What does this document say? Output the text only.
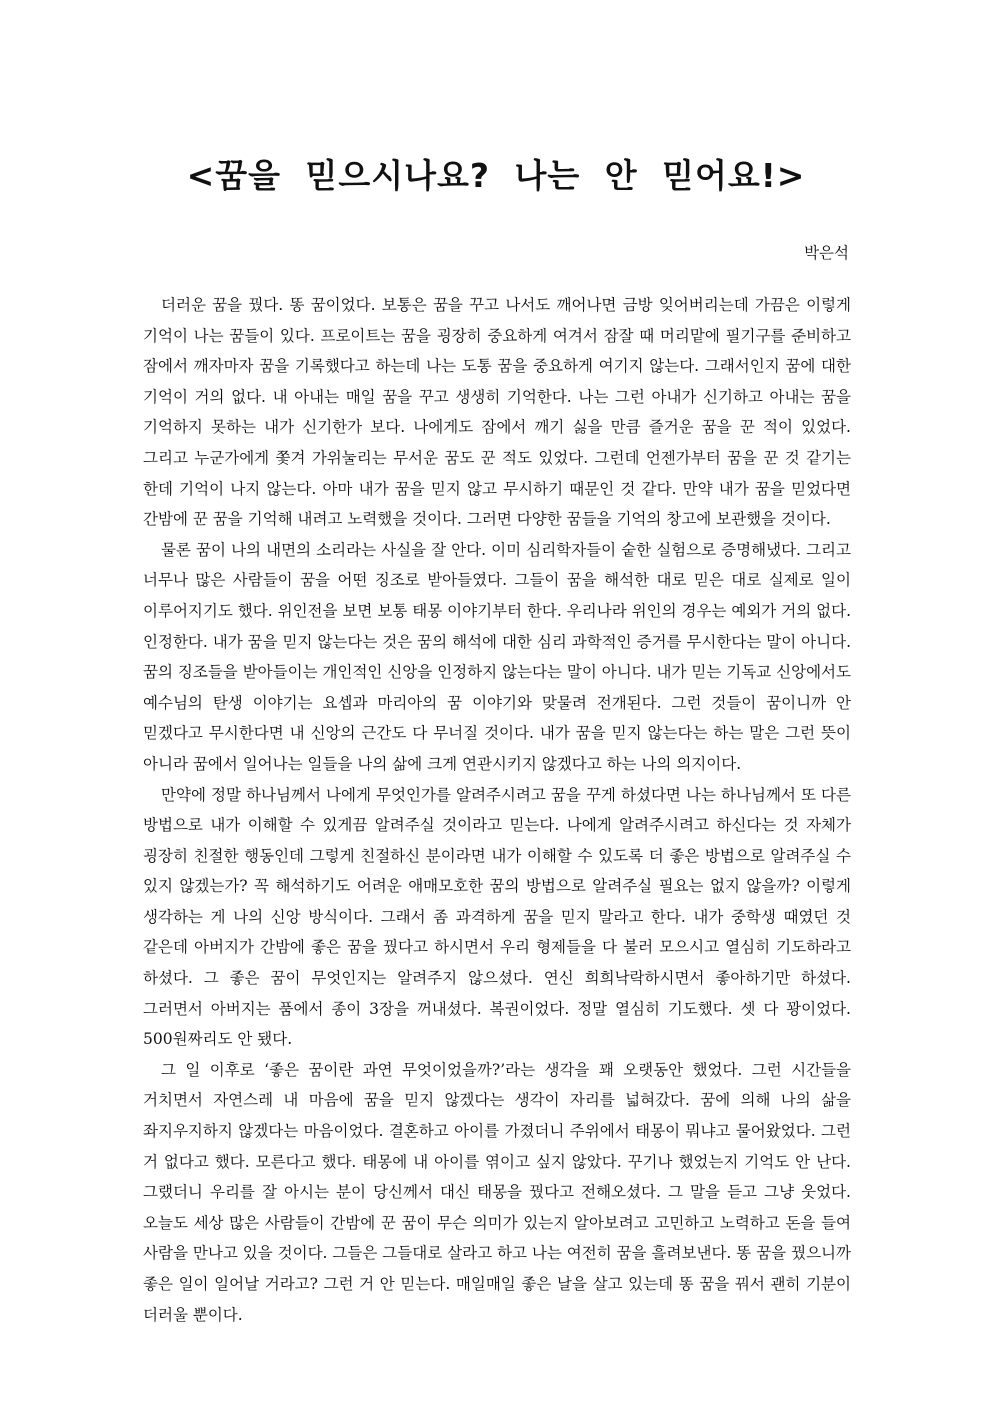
<꿈을 믿으시나요? 나는 안 믿어요!>
박은석

더러운 꿈을 꿨다. 똥 꿈이었다. 보통은 꿈을 꾸고 나서도 깨어나면 금방 잊어버리는데 가끔은 이렇게 기억이 나는 꿈들이 있다. 프로이트는 꿈을 굉장히 중요하게 여겨서 잠잘 때 머리맡에 필기구를 준비하고 잠에서 깨자마자 꿈을 기록했다고 하는데 나는 도통 꿈을 중요하게 여기지 않는다. 그래서인지 꿈에 대한 기억이 거의 없다. 내 아내는 매일 꿈을 꾸고 생생히 기억한다. 나는 그런 아내가 신기하고 아내는 꿈을 기억하지 못하는 내가 신기한가 보다. 나에게도 잠에서 깨기 싫을 만큼 즐거운 꿈을 꾼 적이 있었다. 그리고 누군가에게 쫓겨 가위눌리는 무서운 꿈도 꾼 적도 있었다. 그런데 언젠가부터 꿈을 꾼 것 같기는 한데 기억이 나지 않는다. 아마 내가 꿈을 믿지 않고 무시하기 때문인 것 같다. 만약 내가 꿈을 믿었다면 간밤에 꾼 꿈을 기억해 내려고 노력했을 것이다. 그러면 다양한 꿈들을 기억의 창고에 보관했을 것이다.

물론 꿈이 나의 내면의 소리라는 사실을 잘 안다. 이미 심리학자들이 숱한 실험으로 증명해냈다. 그리고 너무나 많은 사람들이 꿈을 어떤 징조로 받아들였다. 그들이 꿈을 해석한 대로 믿은 대로 실제로 일이 이루어지기도 했다. 위인전을 보면 보통 태몽 이야기부터 한다. 우리나라 위인의 경우는 예외가 거의 없다. 인정한다. 내가 꿈을 믿지 않는다는 것은 꿈의 해석에 대한 심리 과학적인 증거를 무시한다는 말이 아니다. 꿈의 징조들을 받아들이는 개인적인 신앙을 인정하지 않는다는 말이 아니다. 내가 믿는 기독교 신앙에서도 예수님의 탄생 이야기는 요셉과 마리아의 꿈 이야기와 맞물려 전개된다. 그런 것들이 꿈이니까 안 믿겠다고 무시한다면 내 신앙의 근간도 다 무너질 것이다. 내가 꿈을 믿지 않는다는 하는 말은 그런 뜻이 아니라 꿈에서 일어나는 일들을 나의 삶에 크게 연관시키지 않겠다고 하는 나의 의지이다.

만약에 정말 하나님께서 나에게 무엇인가를 알려주시려고 꿈을 꾸게 하셨다면 나는 하나님께서 또 다른 방법으로 내가 이해할 수 있게끔 알려주실 것이라고 믿는다. 나에게 알려주시려고 하신다는 것 자체가 굉장히 친절한 행동인데 그렇게 친절하신 분이라면 내가 이해할 수 있도록 더 좋은 방법으로 알려주실 수 있지 않겠는가? 꼭 해석하기도 어려운 애매모호한 꿈의 방법으로 알려주실 필요는 없지 않을까? 이렇게 생각하는 게 나의 신앙 방식이다. 그래서 좀 과격하게 꿈을 믿지 말라고 한다. 내가 중학생 때였던 것 같은데 아버지가 간밤에 좋은 꿈을 꿨다고 하시면서 우리 형제들을 다 불러 모으시고 열심히 기도하라고 하셨다. 그 좋은 꿈이 무엇인지는 알려주지 않으셨다. 연신 희희낙락하시면서 좋아하기만 하셨다. 그러면서 아버지는 품에서 종이 3장을 꺼내셨다. 복권이었다. 정말 열심히 기도했다. 셋 다 꽝이었다. 500원짜리도 안 됐다.

그 일 이후로 ‘좋은 꿈이란 과연 무엇이었을까?’라는 생각을 꽤 오랫동안 했었다. 그런 시간들을 거치면서 자연스레 내 마음에 꿈을 믿지 않겠다는 생각이 자리를 넓혀갔다. 꿈에 의해 나의 삶을 좌지우지하지 않겠다는 마음이었다. 결혼하고 아이를 가졌더니 주위에서 태몽이 뭐냐고 물어왔었다. 그런 거 없다고 했다. 모른다고 했다. 태몽에 내 아이를 엮이고 싶지 않았다. 꾸기나 했었는지 기억도 안 난다. 그랬더니 우리를 잘 아시는 분이 당신께서 대신 태몽을 꿨다고 전해오셨다. 그 말을 듣고 그냥 웃었다. 오늘도 세상 많은 사람들이 간밤에 꾼 꿈이 무슨 의미가 있는지 알아보려고 고민하고 노력하고 돈을 들여 사람을 만나고 있을 것이다. 그들은 그들대로 살라고 하고 나는 여전히 꿈을 흘려보낸다. 똥 꿈을 꿨으니까 좋은 일이 일어날 거라고? 그런 거 안 믿는다. 매일매일 좋은 날을 살고 있는데 똥 꿈을 꿔서 괜히 기분이 더러울 뿐이다.
